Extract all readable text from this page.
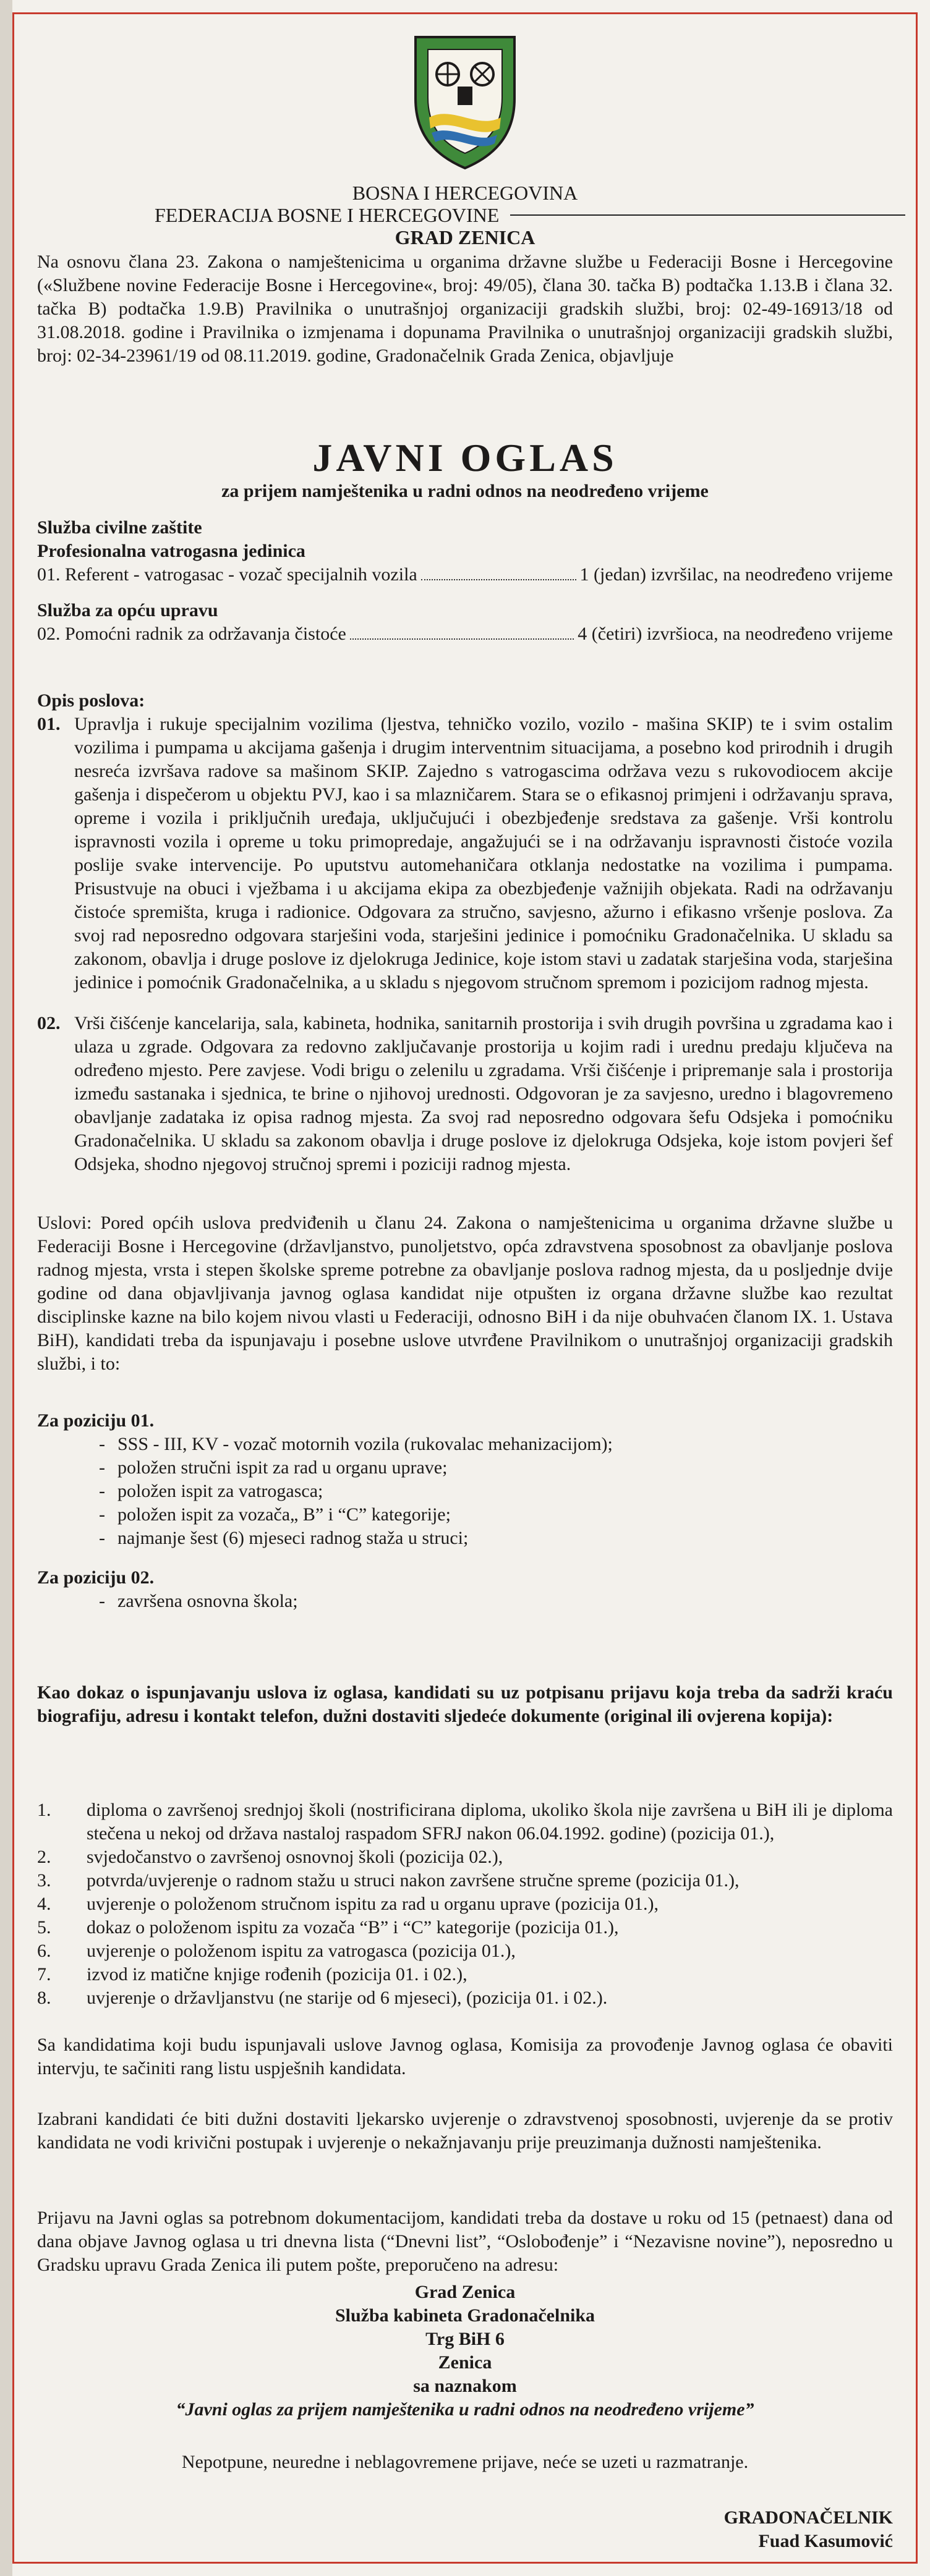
BOSNA I HERCEGOVINA
FEDERACIJA BOSNE I HERCEGOVINE
GRAD ZENICA
Na osnovu člana 23. Zakona o namještenicima u organima državne službe u Federaciji Bosne i Hercegovine («Službene novine Federacije Bosne i Hercegovine«, broj: 49/05), člana 30. tačka B) podtačka 1.13.B i člana 32. tačka B) podtačka 1.9.B) Pravilnika o unutrašnjoj organizaciji gradskih službi, broj: 02-49-16913/18 od 31.08.2018. godine i Pravilnika o izmjenama i dopunama Pravilnika o unutrašnjoj organizaciji gradskih službi, broj: 02-34-23961/19 od 08.11.2019. godine, Gradonačelnik Grada Zenica, objavljuje
JAVNI OGLAS
za prijem namještenika u radni odnos na neodređeno vrijeme
Služba civilne zaštite
Profesionalna vatrogasna jedinica
01. Referent - vatrogasac - vozač specijalnih vozila	1 (jedan) izvršilac, na neodređeno vrijeme
Služba za opću upravu
02. Pomoćni radnik za održavanja čistoće	4 (četiri) izvršioca, na neodređeno vrijeme
Opis poslova:
01. Upravlja i rukuje specijalnim vozilima (ljestva, tehničko vozilo, vozilo - mašina SKIP) te i svim ostalim vozilima i pumpama u akcijama gašenja i drugim interventnim situacijama, a posebno kod prirodnih i drugih nesreća izvršava radove sa mašinom SKIP. Zajedno s vatrogascima održava vezu s rukovodiocem akcije gašenja i dispečerom u objektu PVJ, kao i sa mlazničarem. Stara se o efikasnoj primjeni i održavanju sprava, opreme i vozila i priključnih uređaja, uključujući i obezbjeđenje sredstava za gašenje. Vrši kontrolu ispravnosti vozila i opreme u toku primopredaje, angažujući se i na održavanju ispravnosti čistoće vozila poslije svake intervencije. Po uputstvu automehaničara otklanja nedostatke na vozilima i pumpama. Prisustvuje na obuci i vježbama i u akcijama ekipa za obezbjeđenje važnijih objekata. Radi na održavanju čistoće spremišta, kruga i radionice. Odgovara za stručno, savjesno, ažurno i efikasno vršenje poslova. Za svoj rad neposredno odgovara starješini voda, starješini jedinice i pomoćniku Gradonačelnika. U skladu sa zakonom, obavlja i druge poslove iz djelokruga Jedinice, koje istom stavi u zadatak starješina voda, starješina jedinice i pomoćnik Gradonačelnika, a u skladu s njegovom stručnom spremom i pozicijom radnog mjesta.
02. Vrši čišćenje kancelarija, sala, kabineta, hodnika, sanitarnih prostorija i svih drugih površina u zgradama kao i ulaza u zgrade. Odgovara za redovno zaključavanje prostorija u kojim radi i urednu predaju ključeva na određeno mjesto. Pere zavjese. Vodi brigu o zelenilu u zgradama. Vrši čišćenje i pripremanje sala i prostorija između sastanaka i sjednica, te brine o njihovoj urednosti. Odgovoran je za savjesno, uredno i blagovremeno obavljanje zadataka iz opisa radnog mjesta. Za svoj rad neposredno odgovara šefu Odsjeka i pomoćniku Gradonačelnika. U skladu sa zakonom obavlja i druge poslove iz djelokruga Odsjeka, koje istom povjeri šef Odsjeka, shodno njegovoj stručnoj spremi i poziciji radnog mjesta.
Uslovi: Pored općih uslova predviđenih u članu 24. Zakona o namještenicima u organima državne službe u Federaciji Bosne i Hercegovine (državljanstvo, punoljetstvo, opća zdravstvena sposobnost za obavljanje poslova radnog mjesta, vrsta i stepen školske spreme potrebne za obavljanje poslova radnog mjesta, da u posljednje dvije godine od dana objavljivanja javnog oglasa kandidat nije otpušten iz organa državne službe kao rezultat disciplinske kazne na bilo kojem nivou vlasti u Federaciji, odnosno BiH i da nije obuhvaćen članom IX. 1. Ustava BiH), kandidati treba da ispunjavaju i posebne uslove utvrđene Pravilnikom o unutrašnjoj organizaciji gradskih službi, i to:
Za poziciju 01.
- SSS - III, KV - vozač motornih vozila (rukovalac mehanizacijom);
- položen stručni ispit za rad u organu uprave;
- položen ispit za vatrogasca;
- položen ispit za vozača„ B” i “C” kategorije;
- najmanje šest (6) mjeseci radnog staža u struci;
Za poziciju 02.
- završena osnovna škola;
Kao dokaz o ispunjavanju uslova iz oglasa, kandidati su uz potpisanu prijavu koja treba da sadrži kraću biografiju, adresu i kontakt telefon, dužni dostaviti sljedeće dokumente (original ili ovjerena kopija):
1.	diploma o završenoj srednjoj školi (nostrificirana diploma, ukoliko škola nije završena u BiH ili je diploma stečena u nekoj od država nastaloj raspadom SFRJ nakon 06.04.1992. godine) (pozicija 01.),
2.	svjedočanstvo o završenoj osnovnoj školi (pozicija 02.),
3.	potvrda/uvjerenje o radnom stažu u struci nakon završene stručne spreme (pozicija 01.),
4.	uvjerenje o položenom stručnom ispitu za rad u organu uprave (pozicija 01.),
5.	dokaz o položenom ispitu za vozača “B” i “C” kategorije (pozicija 01.),
6.	uvjerenje o položenom ispitu za vatrogasca (pozicija 01.),
7.	izvod iz matične knjige rođenih (pozicija 01. i 02.),
8.	uvjerenje o državljanstvu (ne starije od 6 mjeseci), (pozicija 01. i 02.).
Sa kandidatima koji budu ispunjavali uslove Javnog oglasa, Komisija za provođenje Javnog oglasa će obaviti intervju, te sačiniti rang listu uspješnih kandidata.
Izabrani kandidati će biti dužni dostaviti ljekarsko uvjerenje o zdravstvenoj sposobnosti, uvjerenje da se protiv kandidata ne vodi krivični postupak i uvjerenje o nekažnjavanju prije preuzimanja dužnosti namještenika.
Prijavu na Javni oglas sa potrebnom dokumentacijom, kandidati treba da dostave u roku od 15 (petnaest) dana od dana objave Javnog oglasa u tri dnevna lista (“Dnevni list”, “Oslobođenje” i “Nezavisne novine”), neposredno u Gradsku upravu Grada Zenica ili putem pošte, preporučeno na adresu:
Grad Zenica
Služba kabineta Gradonačelnika
Trg BiH 6
Zenica
sa naznakom
“Javni oglas za prijem namještenika u radni odnos na neodređeno vrijeme”
Nepotpune, neuredne i neblagovremene prijave, neće se uzeti u razmatranje.
GRADONAČELNIK
Fuad Kasumović
